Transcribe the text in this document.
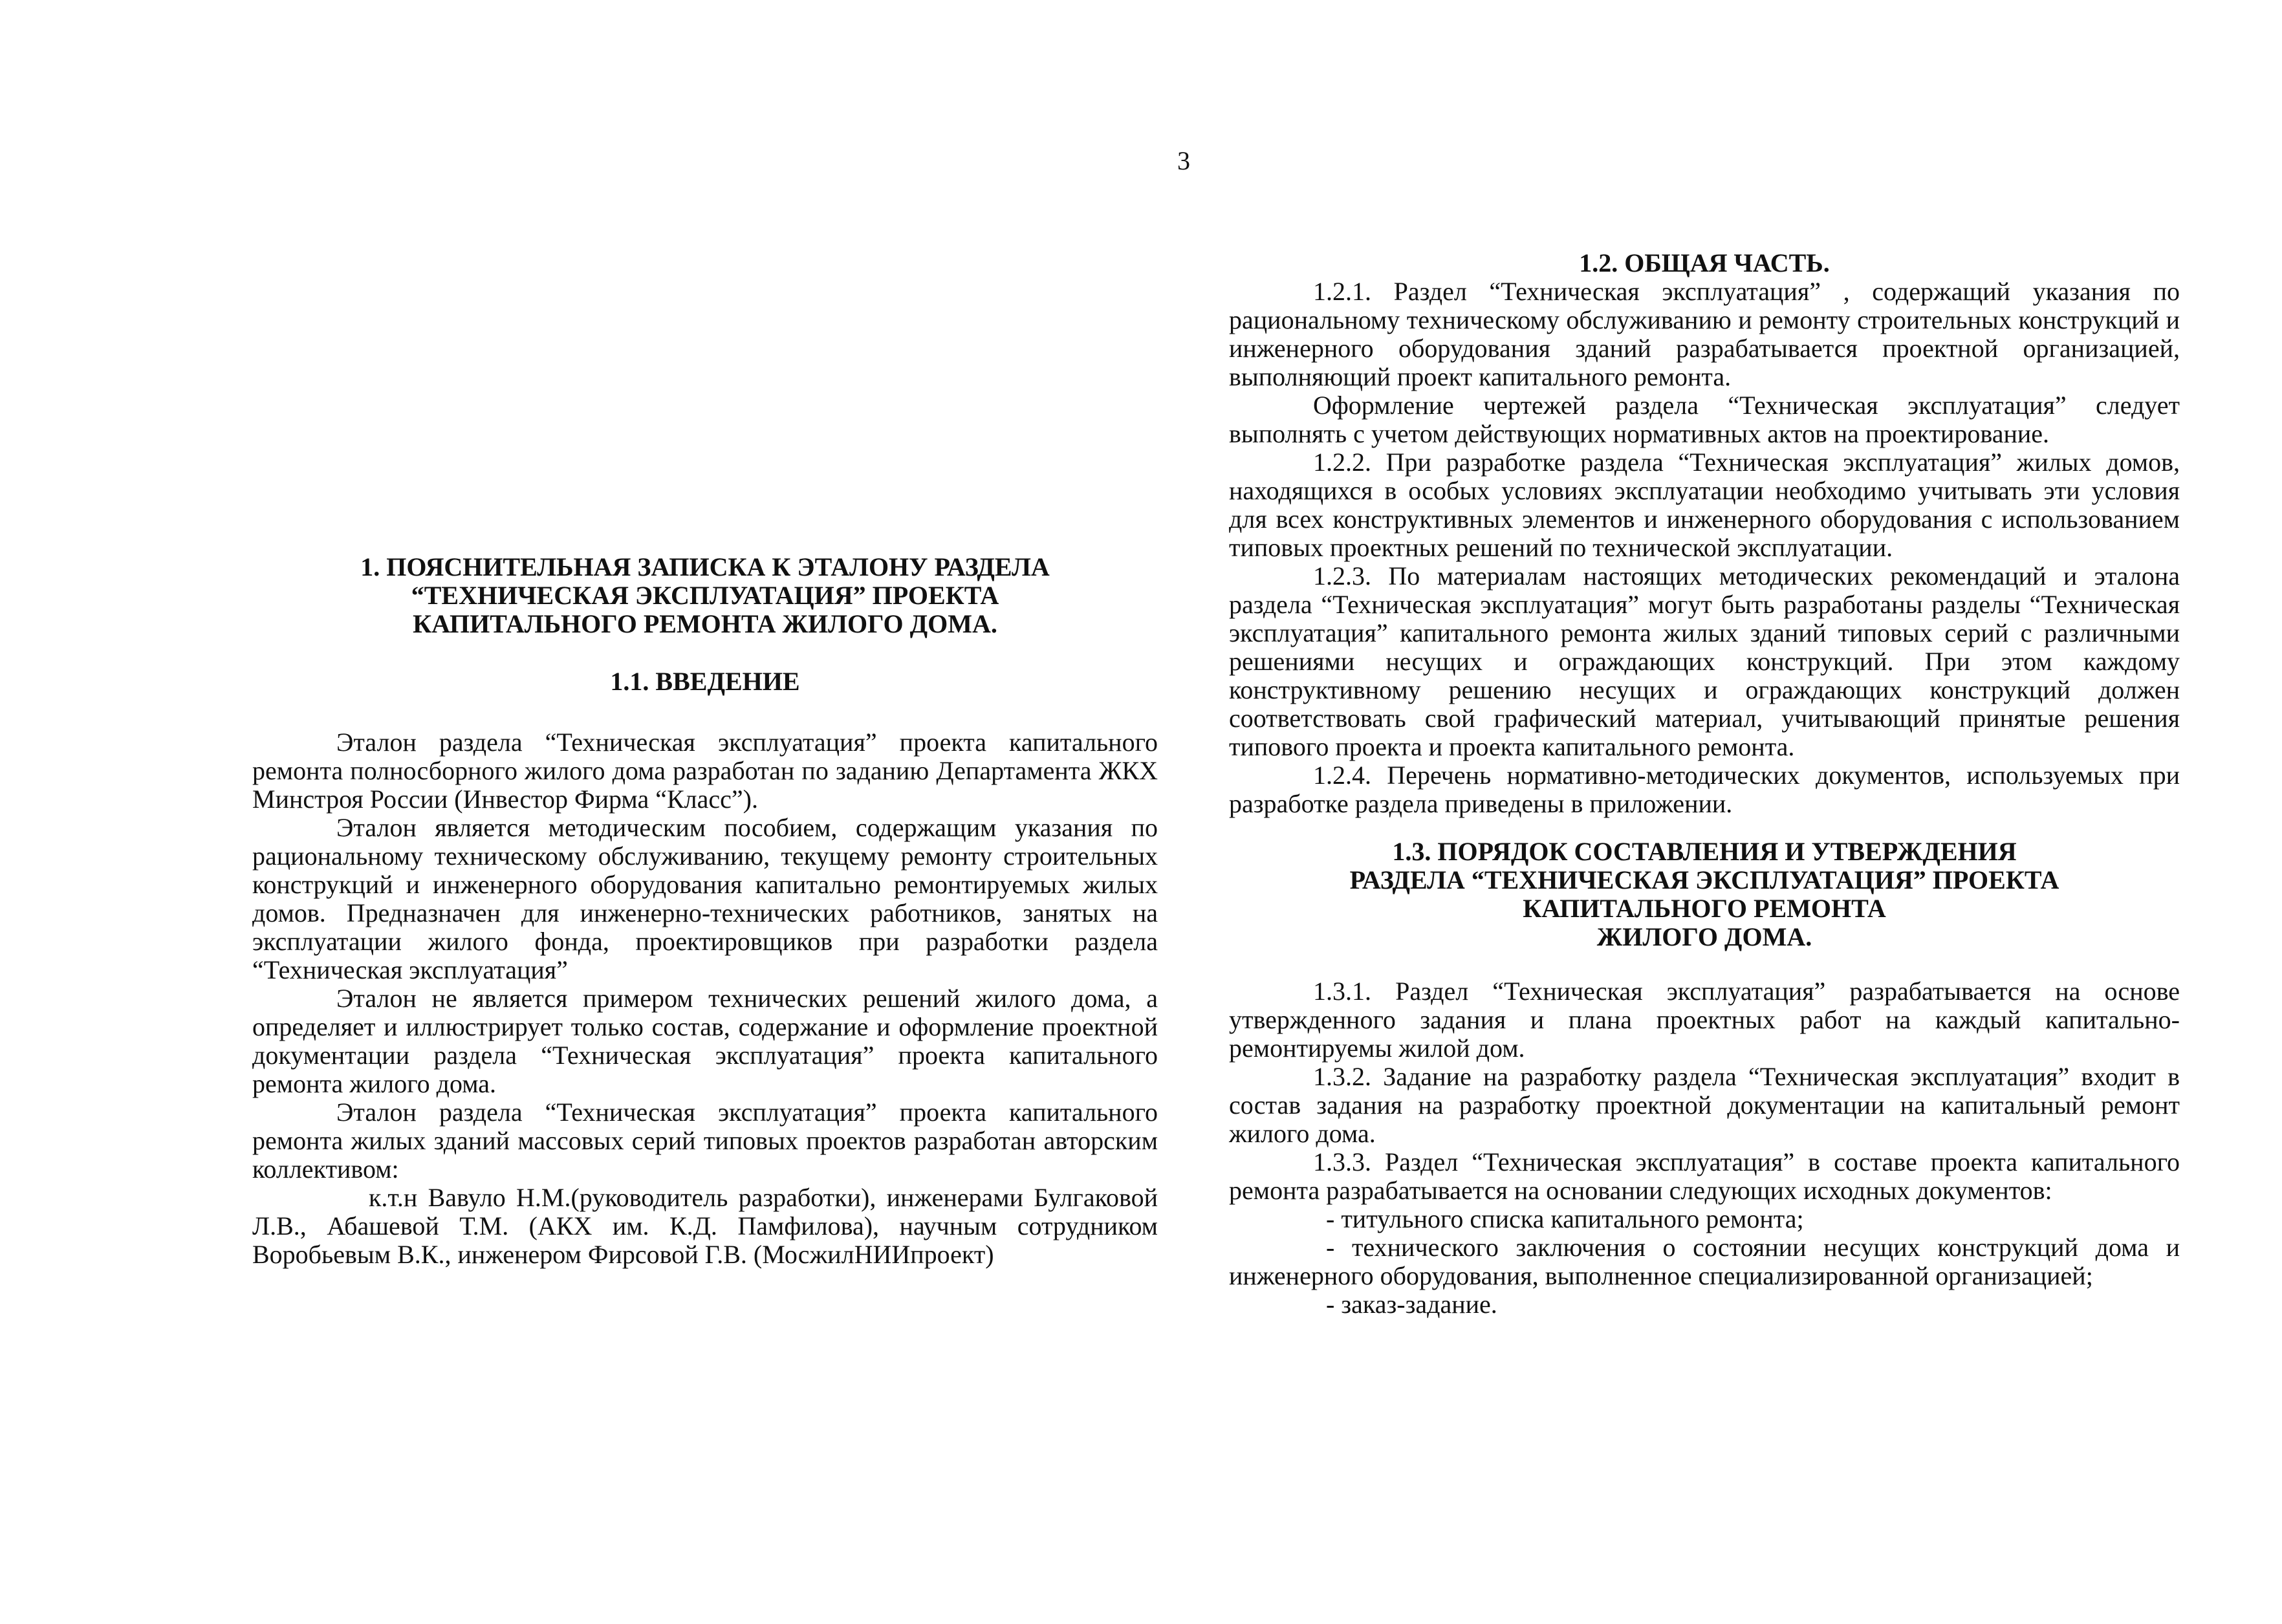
3
1. ПОЯСНИТЕЛЬНАЯ ЗАПИСКА К ЭТАЛОНУ РАЗДЕЛА
“ТЕХНИЧЕСКАЯ ЭКСПЛУАТАЦИЯ” ПРОЕКТА
КАПИТАЛЬНОГО РЕМОНТА ЖИЛОГО ДОМА.
1.1. ВВЕДЕНИЕ

Эталон раздела “Техническая эксплуатация” проекта капитального ремонта полносборного жилого дома разработан по заданию Департамента ЖКХ Минстроя России (Инвестор Фирма “Класс”).

Эталон является методическим пособием, содержащим указания по рациональному техническому обслуживанию, текущему ремонту строительных конструкций и инженерного оборудования капитально ремонтируемых жилых домов. Предназначен для инженерно-технических работников, занятых на эксплуатации жилого фонда, проектировщиков при разработки раздела “Техническая эксплуатация”

Эталон не является примером технических решений жилого дома, а определяет и иллюстрирует только состав, содержание и оформление проектной документации раздела “Техническая эксплуатация” проекта капитального ремонта жилого дома.

Эталон раздела “Техническая эксплуатация” проекта капитального ремонта жилых зданий массовых серий типовых проектов разработан авторским коллективом:

к.т.н Вавуло Н.М.(руководитель разработки), инженерами Булгаковой Л.В., Абашевой Т.М. (АКХ им. К.Д. Памфилова), научным сотрудником Воробьевым В.К., инженером Фирсовой Г.В. (МосжилНИИпроект)

1.2. ОБЩАЯ ЧАСТЬ.

1.2.1. Раздел “Техническая эксплуатация” , содержащий указания по рациональному техническому обслуживанию и ремонту строительных конструкций и инженерного оборудования зданий разрабатывается проектной организацией, выполняющий проект капитального ремонта.

Оформление чертежей раздела “Техническая эксплуатация” следует выполнять с учетом действующих нормативных актов на проектирование.

1.2.2. При разработке раздела “Техническая эксплуатация” жилых домов, находящихся в особых условиях эксплуатации необходимо учитывать эти условия для всех конструктивных элементов и инженерного оборудования с использованием типовых проектных решений по технической эксплуатации.

1.2.3. По материалам настоящих методических рекомендаций и эталона раздела “Техническая эксплуатация” могут быть разработаны разделы “Техническая эксплуатация” капитального ремонта жилых зданий типовых серий с различными решениями несущих и ограждающих конструкций. При этом каждому конструктивному решению несущих и ограждающих конструкций должен соответствовать свой графический материал, учитывающий принятые решения типового проекта и проекта капитального ремонта.

1.2.4. Перечень нормативно-методических документов, используемых при разработке раздела приведены в приложении.

1.3. ПОРЯДОК СОСТАВЛЕНИЯ И УТВЕРЖДЕНИЯ
РАЗДЕЛА “ТЕХНИЧЕСКАЯ ЭКСПЛУАТАЦИЯ” ПРОЕКТА
КАПИТАЛЬНОГО РЕМОНТА
ЖИЛОГО ДОМА.

1.3.1. Раздел “Техническая эксплуатация” разрабатывается на основе утвержденного задания и плана проектных работ на каждый капитально-ремонтируемы жилой дом.

1.3.2. Задание на разработку раздела “Техническая эксплуатация” входит в состав задания на разработку проектной документации на капитальный ремонт жилого дома.

1.3.3. Раздел “Техническая эксплуатация” в составе проекта капитального ремонта разрабатывается на основании следующих исходных документов:

- титульного списка капитального ремонта;

- технического заключения о состоянии несущих конструкций дома и инженерного оборудования, выполненное специализированной организацией;

- заказ-задание.
